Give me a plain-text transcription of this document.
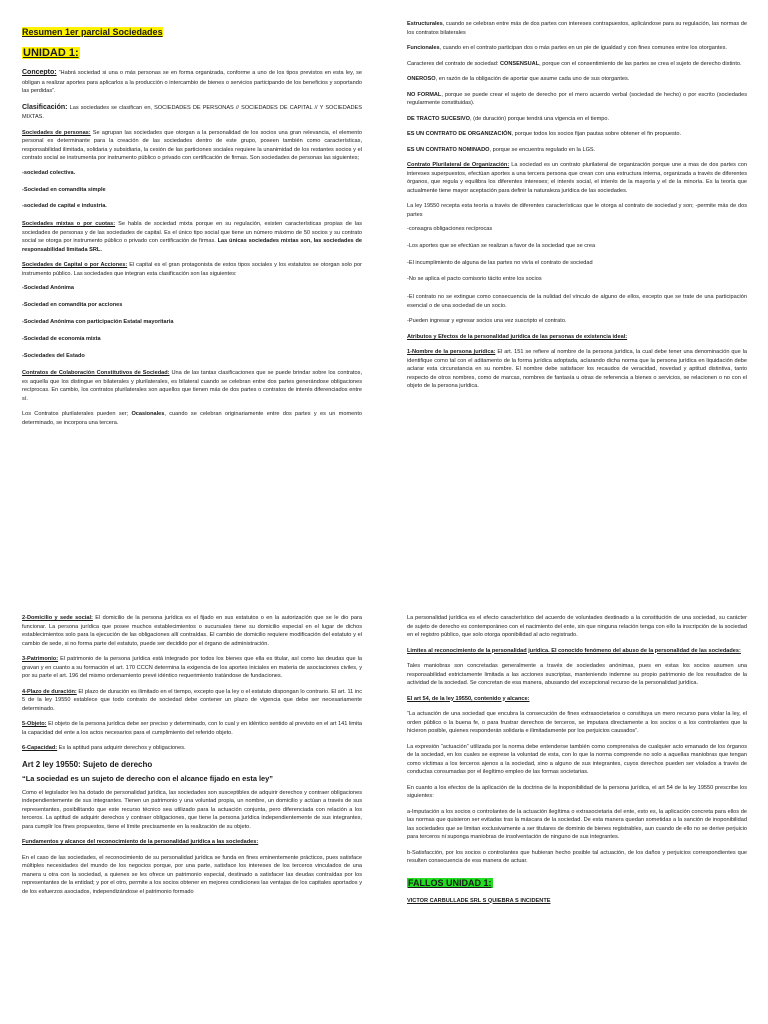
Resumen 1er parcial Sociedades
UNIDAD 1:

Concepto: “Habrá sociedad si una o más personas se en forma organizada, conforme a uno de los tipos previstos en esta ley, se obligan a realizar aportes para aplicarlos a la producción o intercambio de bienes o servicios participando de los beneficios y soportando las perdidas”.

Clasificación: Las sociedades se clasifican en, SOCIEDADES DE PERSONAS // SOCIEDADES DE CAPITAL // Y SOCIEDADES MIXTAS.

Sociedades de personas: Se agrupan las sociedades que otorgan a la personalidad de los socios una gran relevancia, el elemento personal es determinante para la creación de las sociedades dentro de este grupo, poseen también como características, responsabilidad ilimitada, solidaria y subsidiaria, la cesión de las particiones sociales requiere la unanimidad de los restantes socios y el contrato social se instrumenta por instrumento público o privado con certificación de firmas. Son sociedades de personas las siguientes;

-sociedad colectiva.
-Sociedad en comandita simple
-sociedad de capital e industria.

Sociedades mixtas o por cuotas: Se habla de sociedad mixta porque en su regulación, existen características propias de las sociedades de personas y de las sociedades de capital. Es el único tipo social que tiene un número máximo de 50 socios y su contrato social se otorga por instrumento público o privado con certificación de firmas. Las únicas sociedades mixtas son, las sociedades de responsabilidad limitada SRL.

Sociedades de Capital o por Acciones: El capital es el gran protagonista de estos tipos sociales y los estatutos se otorgan solo por instrumento público. Las sociedades que integran esta clasificación son las siguientes:

-Sociedad Anónima
-Sociedad en comandita por acciones
-Sociedad Anónima con participación Estatal mayoritaria
-Sociedad de economía mixta
-Sociedades del Estado

Contratos de Colaboración Constitutivos de Sociedad: Una de las tantas clasificaciones que se puede brindar sobre los contratos, es aquella que los distingue en bilaterales y plurilaterales, es bilateral cuando se celebran entre dos partes generándose obligaciones recíprocas. En cambio, los contratos plurilaterales son aquellos que tienen más de dos partes o contratos de interés diferenciados entre sí.

Los Contratos plurilaterales pueden ser; Ocasionales, cuando se celebran originariamente entre dos partes y es un momento determinado, se incorpora una tercera.

Estructurales, cuando se celebran entre más de dos partes con intereses contrapuestos, aplicándose para su regulación, las normas de los contratos bilaterales

Funcionales, cuando en el contrato participan dos o más partes en un pie de igualdad y con fines comunes entre los otorgantes.

Caracteres del contrato de sociedad: CONSENSUAL, porque con el consentimiento de las partes se crea el sujeto de derecho distinto.

ONEROSO, en razón de la obligación de aportar que asume cada uno de sus otorgantes.

NO FORMAL, porque se puede crear el sujeto de derecho por el mero acuerdo verbal (sociedad de hecho) o por escrito (sociedades regularmente constituidas).

DE TRACTO SUCESIVO, (de duración) porque tendrá una vigencia en el tiempo.

ES UN CONTRATO DE ORGANIZACIÓN, porque todos los socios fijan pautas sobre obtener el fin propuesto.

ES UN CONTRATO NOMINADO, porque se encuentra regulado en la LGS.

Contrato Plurilateral de Organización: La sociedad es un contrato plurilateral de organización porque une a mas de dos partes con intereses superpuestos, efectúan aportes a una tercera persona que crean con una estructura interna, organizada a través de diferentes órganos, que regula y equilibra los diferentes intereses; el interés social, el interés de la mayoría y el de la minoría. Es la teoría que actualmente tiene mayor aceptación para definir la naturaleza jurídica de las sociedades.

La ley 19550 recepta esta teoría a través de diferentes características que le otorga al contrato de sociedad y son; -permite más de dos partes

-consagra obligaciones recíprocas
-Los aportes que se efectúan se realizan a favor de la sociedad que se crea
-El incumplimiento de alguna de las partes no vivía el contrato de sociedad
-No se aplica el pacto comisorio tácito entre los socios

-El contrato no se extingue como consecuencia de la nulidad del vínculo de alguno de ellos, excepto que se trate de una participación esencial o de una sociedad de un socio.

-Pueden ingresar y egresar socios una vez suscripto el contrato.

Atributos y Efectos de la personalidad jurídica de las personas de existencia ideal:

1-Nombre de la persona jurídica: El art. 151 se refiere al nombre de la persona jurídica, la cual debe tener una denominación que la identifique como tal con el aditamento de la forma jurídica adoptada, aclarando dicha norma que la persona jurídica en liquidación debe aclarar esta circunstancia en su nombre. El nombre debe satisfacer los recaudos de veracidad, novedad y aptitud distintiva, tanto respecto de otros nombres, como de marcas, nombres de fantasía u otras de referencia a bienes o servicios, se relacionen o no con el objeto de la persona jurídica.

2-Domicilio y sede social: El domicilio de la persona jurídica es el fijado en sus estatutos o en la autorización que se le dio para funcionar. La persona jurídica que posee muchos establecimientos o sucursales tiene su domicilio especial en el lugar de dichos establecimientos solo para la ejecución de las obligaciones allí contraídas. El cambio de domicilio requiere modificación del estatuto y el cambio de sede, si no forma parte del estatuto, puede ser decidido por el órgano de administración.

3-Patrimonio: El patrimonio de la persona jurídica está integrado por todos los bienes que ella es titular, así como las deudas que la gravan y en cuanto a su formación el art. 170 CCCN determina la exigencia de los aportes iniciales en materia de asociaciones civiles, y por su parte el art. 196 del mismo ordenamiento prevé idéntico requerimiento tratándose de fundaciones.

4-Plazo de duración: El plazo de duración es ilimitado en el tiempo, excepto que la ley o el estatuto dispongan lo contrario. El art. 11 inc 5 de la ley 19550 establece que todo contrato de sociedad debe contener un plazo de vigencia que debe ser necesariamente determinado.

5-Objeto: El objeto de la persona jurídica debe ser preciso y determinado, con lo cual y en idéntico sentido al previsto en el art 141 limita la capacidad del ente a los actos necesarios para el cumplimiento del referido objeto.

6-Capacidad: Es la aptitud para adquirir derechos y obligaciones.

Art 2 ley 19550: Sujeto de derecho
“La sociedad es un sujeto de derecho con el alcance fijado en esta ley”

Como el legislador les ha dotado de personalidad jurídica, las sociedades son susceptibles de adquirir derechos y contraer obligaciones independientemente de sus integrantes. Tienen un patrimonio y una voluntad propia, un nombre, un domicilio y actúan a través de sus representantes, posibilitando que este recurso técnico sea utilizado para la actuación conjunta, pero diferenciada con relación a los terceros. La aptitud de adquirir derechos y contraer obligaciones, que tiene la persona jurídica independientemente de sus integrantes, para cumplir los fines propuestos, tiene el límite precisamente en la realización de su objeto.

Fundamentos y alcance del reconocimiento de la personalidad jurídica a las sociedades:

En el caso de las sociedades, el reconocimiento de su personalidad jurídica se funda en fines eminentemente prácticos, pues satisface múltiples necesidades del mundo de los negocios porque, por una parte, satisface los intereses de los terceros vinculados de una manera u otra con la sociedad, a quienes se les ofrece un patrimonio especial, destinado a satisfacer las deudas contraídas por los representantes de la entidad; y por el otro, permite a los socios obtener en mejores condiciones las ventajas de los capitales aportados y de los esfuerzos asociados, independizándose el patrimonio formado

La personalidad jurídica es el efecto característico del acuerdo de voluntades destinado a la constitución de una sociedad, su carácter de sujeto de derecho es contemporáneo con el nacimiento del ente, sin que ninguna relación tenga con ello la inscripción de la sociedad en el registro público, que solo otorga oponibilidad al acto registrado.

Limites al reconocimiento de la personalidad jurídica. El conocido fenómeno del abuso de la personalidad de las sociedades:

Tales maniobras son concretadas generalmente a través de sociedades anónimas, pues en estas los socios asumen una responsabilidad estrictamente limitada a las acciones suscriptas, manteniendo indemne su propio patrimonio de los resultados de la actividad de la sociedad. Se concretan de esa manera, abusando del excepcional recurso de la personalidad jurídica.

El art 54, de la ley 19550, contenido y alcance:

“La actuación de una sociedad que encubra la consecución de fines extrasocietarios o constituya un mero recurso para violar la ley, el orden público o la buena fe, o para frustrar derechos de terceros, se imputara directamente a los socios o a los controlantes que la hicieron posible, quienes responderán solidaria e ilimitadamente por los perjuicios causados”.

La expresión “actuación” utilizada por la norma debe entenderse también como comprensiva de cualquier acto emanado de los órganos de la sociedad, en los cuales se exprese la voluntad de esta, con lo que la norma comprende no solo a aquellas maniobras que tengan como víctimas a los terceros ajenos a la sociedad, sino a alguno de sus integrantes, cuyos derechos pueden ser violados a través de conductas consumadas por el ilegítimo empleo de las formas societarias.

En cuanto a los efectos de la aplicación de la doctrina de la inoponibilidad de la persona jurídica, el art 54 de la ley 19550 prescribe los siguientes:

a-Imputación a los socios o controlantes de la actuación ilegítima o extrasocietaria del ente, esto es, la aplicación concreta para ellos de las normas que quisieron ser evitadas tras la máscara de la sociedad. De esta manera quedan sometidas a la sanción de inoponibilidad las sociedades que se limitan exclusivamente a ser titulares de dominio de bienes registrables, aun cuando de ello no se derive perjuicio para terceros ni suponga maniobras de insolventación de ninguno de sus integrantes.

b-Satisfacción, por los socios o controlantes que hubieran hecho posible tal actuación, de los daños y perjuicios correspondientes que resulten consecuencia de esa manera de actuar.

FALLOS UNIDAD 1:

VICTOR CARBULLADE SRL S QUIEBRA S INCIDENTE
